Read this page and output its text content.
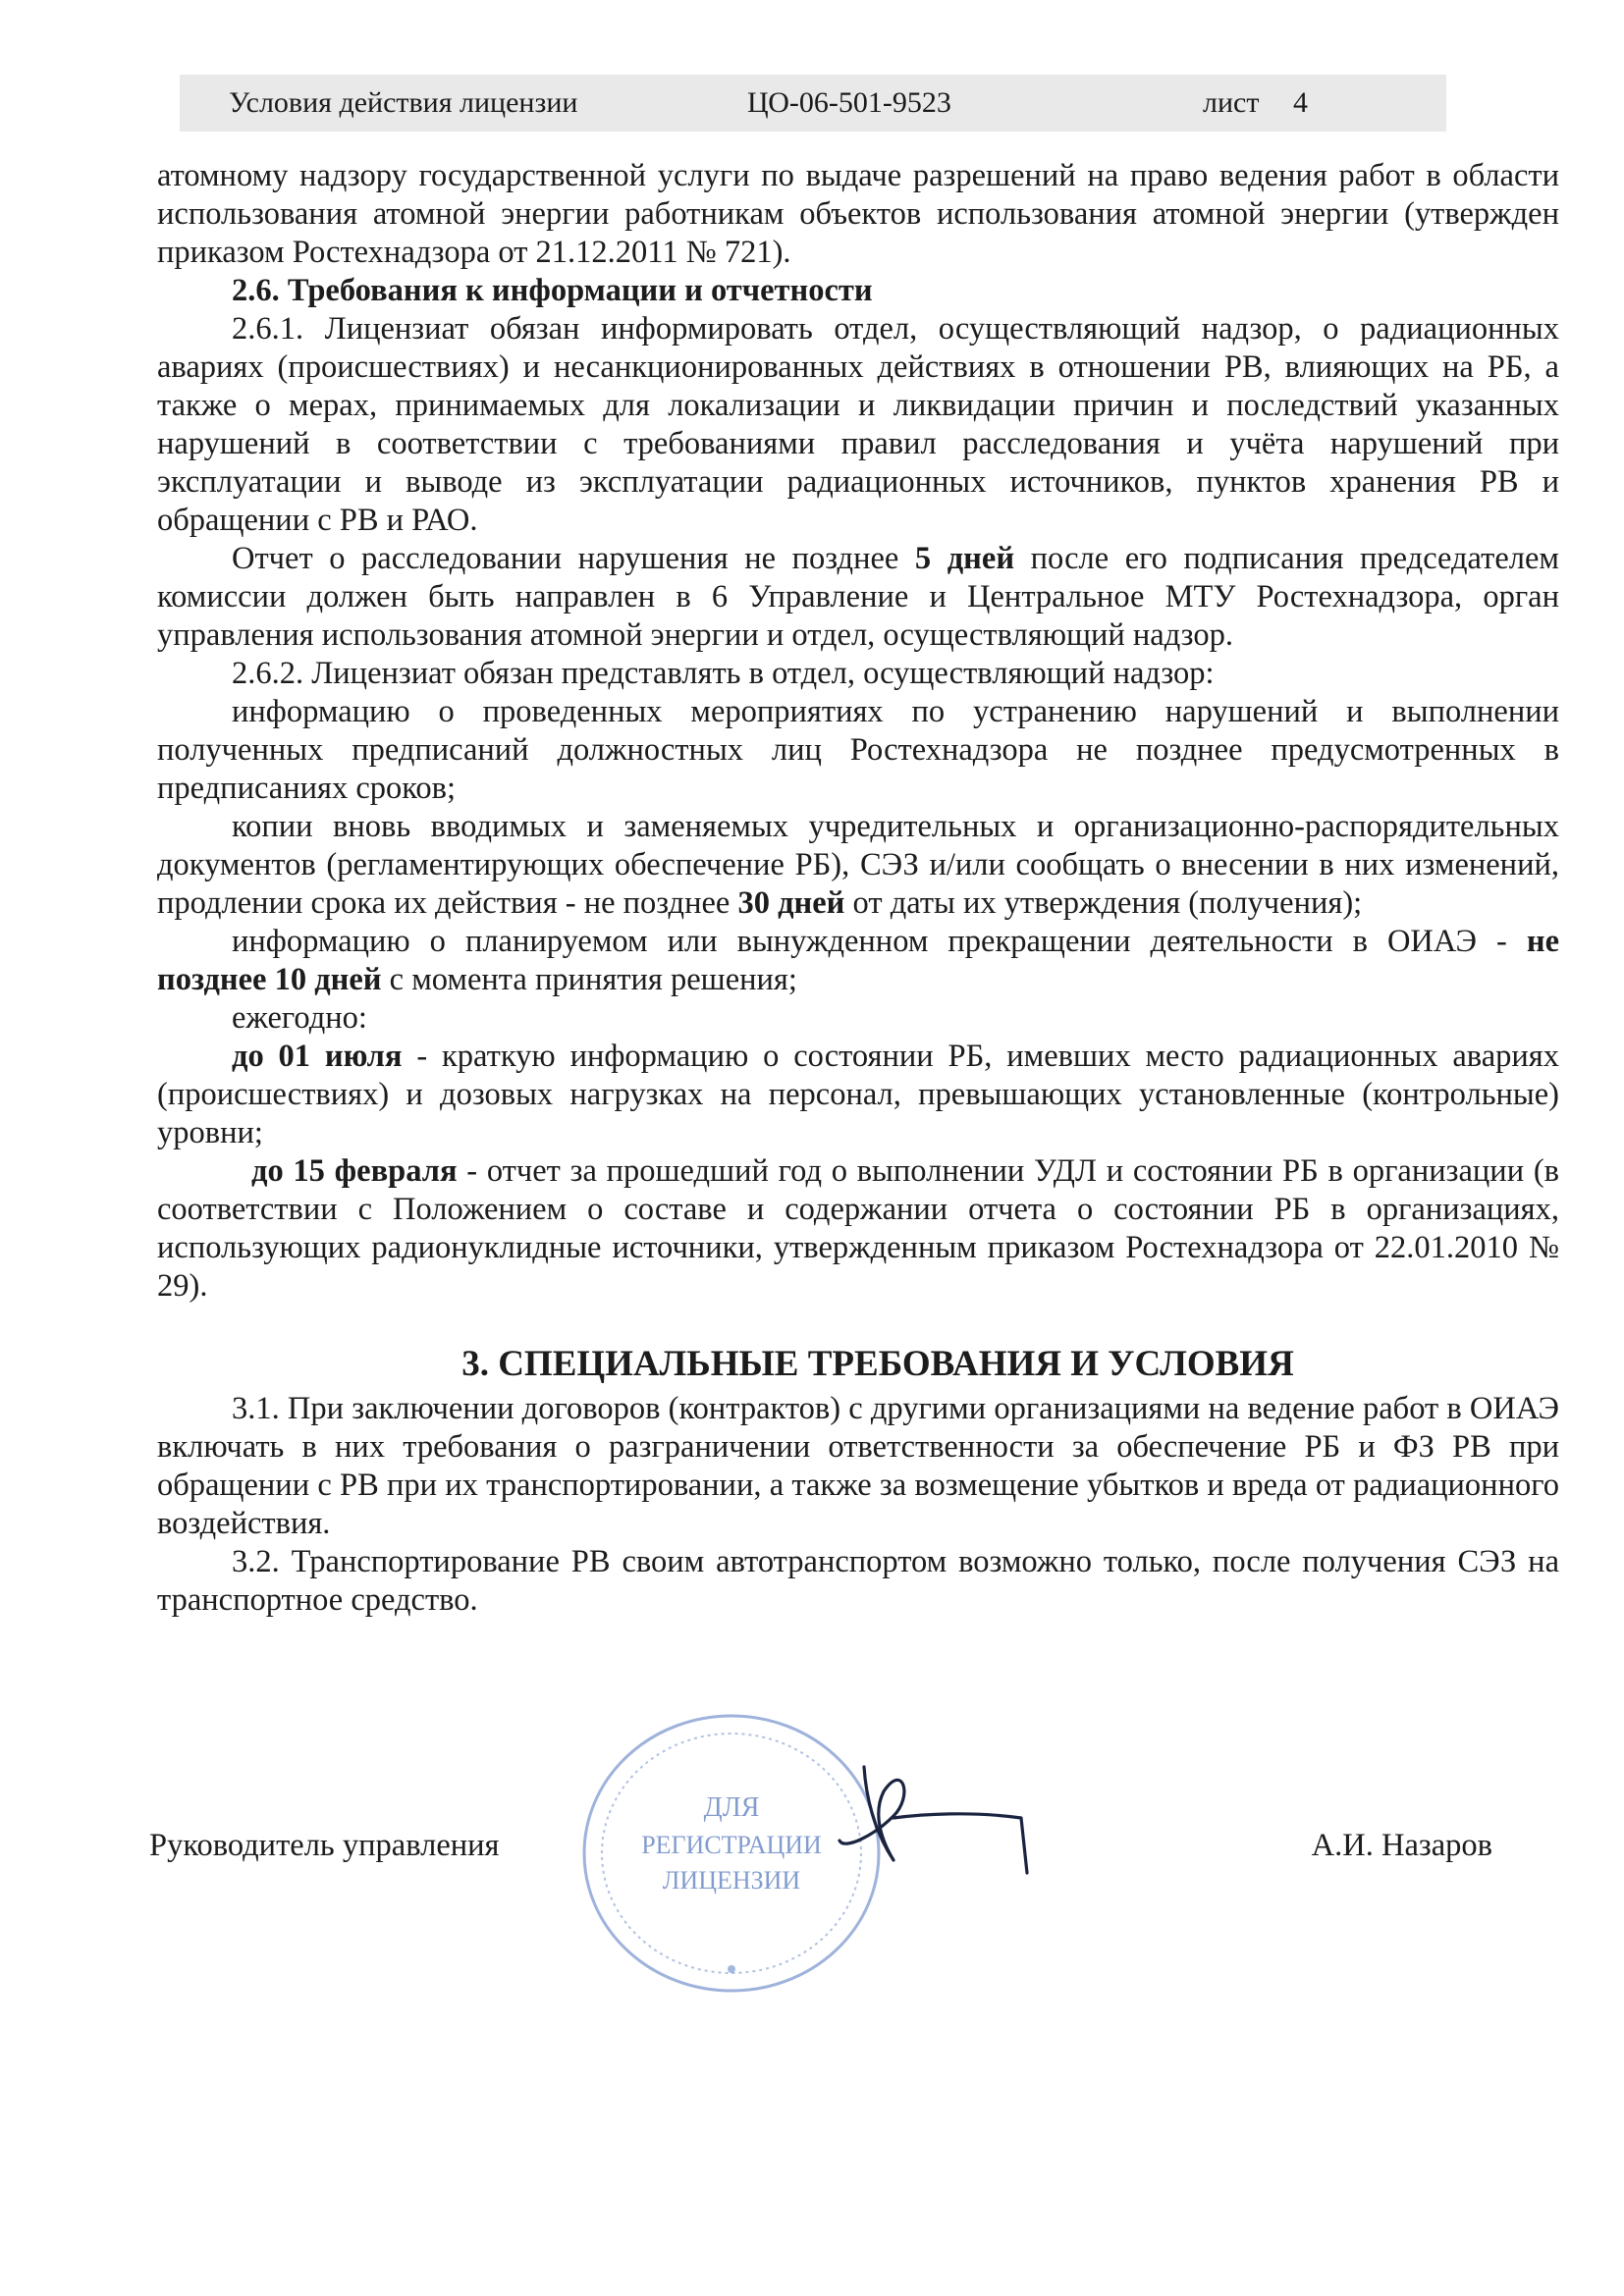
Условия действия лицензии	ЦО-06-501-9523	лист 4

атомному надзору государственной услуги по выдаче разрешений на право ведения работ в области использования атомной энергии работникам объектов использования атомной энергии (утвержден приказом Ростехнадзора от 21.12.2011 № 721).

2.6. Требования к информации и отчетности

2.6.1. Лицензиат обязан информировать отдел, осуществляющий надзор, о радиационных авариях (происшествиях) и несанкционированных действиях в отношении РВ, влияющих на РБ, а также о мерах, принимаемых для локализации и ликвидации причин и последствий указанных нарушений в соответствии с требованиями правил расследования и учёта нарушений при эксплуатации и выводе из эксплуатации радиационных источников, пунктов хранения РВ и обращении с РВ и РАО.

Отчет о расследовании нарушения не позднее 5 дней после его подписания председателем комиссии должен быть направлен в 6 Управление и Центральное МТУ Ростехнадзора, орган управления использования атомной энергии и отдел, осуществляющий надзор.

2.6.2. Лицензиат обязан представлять в отдел, осуществляющий надзор:

информацию о проведенных мероприятиях по устранению нарушений и выполнении полученных предписаний должностных лиц Ростехнадзора не позднее предусмотренных в предписаниях сроков;

копии вновь вводимых и заменяемых учредительных и организационно-распорядительных документов (регламентирующих обеспечение РБ), СЭЗ и/или сообщать о внесении в них изменений, продлении срока их действия - не позднее 30 дней от даты их утверждения (получения);

информацию о планируемом или вынужденном прекращении деятельности в ОИАЭ - не позднее 10 дней с момента принятия решения;

ежегодно:

до 01 июля - краткую информацию о состоянии РБ, имевших место радиационных авариях (происшествиях) и дозовых нагрузках на персонал, превышающих установленные (контрольные) уровни;

до 15 февраля - отчет за прошедший год о выполнении УДЛ и состоянии РБ в организации (в соответствии с Положением о составе и содержании отчета о состоянии РБ в организациях, использующих радионуклидные источники, утвержденным приказом Ростехнадзора от 22.01.2010 № 29).

3. СПЕЦИАЛЬНЫЕ ТРЕБОВАНИЯ И УСЛОВИЯ

3.1. При заключении договоров (контрактов) с другими организациями на ведение работ в ОИАЭ включать в них требования о разграничении ответственности за обеспечение РБ и ФЗ РВ при обращении с РВ при их транспортировании, а также за возмещение убытков и вреда от радиационного воздействия.

3.2. Транспортирование РВ своим автотранспортом возможно только, после получения СЭЗ на транспортное средство.

Руководитель управления	А.И. Назаров
ДЛЯ
РЕГИСТРАЦИИ
ЛИЦЕНЗИИ
